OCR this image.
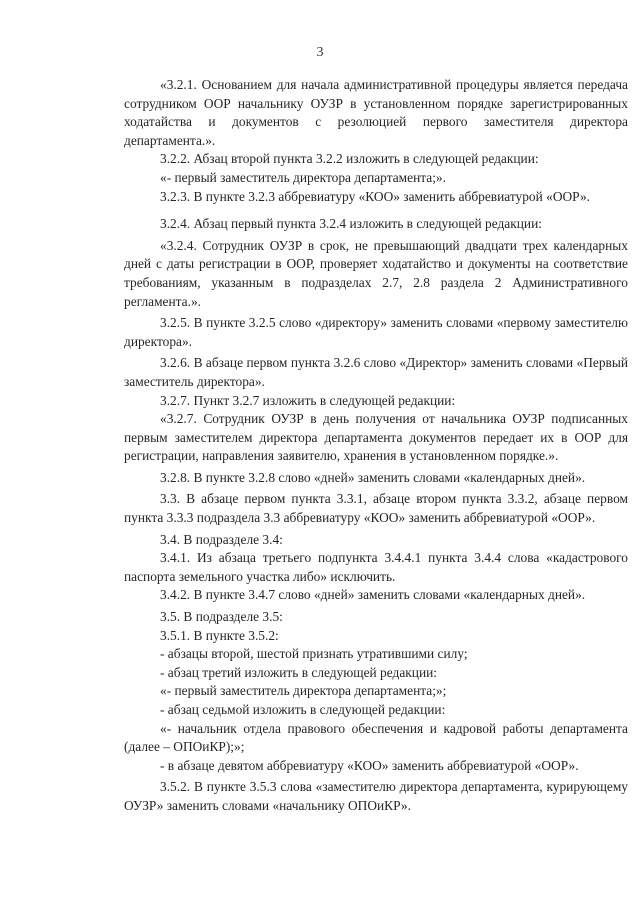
3

«3.2.1. Основанием для начала административной процедуры является передача сотрудником ООР начальнику ОУЗР в установленном порядке зарегистрированных ходатайства и документов с резолюцией первого заместителя директора департамента.».

3.2.2. Абзац второй пункта 3.2.2 изложить в следующей редакции:

«- первый заместитель директора департамента;».

3.2.3. В пункте 3.2.3 аббревиатуру «КОО» заменить аббревиатурой «ООР».

3.2.4. Абзац первый пункта 3.2.4 изложить в следующей редакции:

«3.2.4. Сотрудник ОУЗР в срок, не превышающий двадцати трех календарных дней с даты регистрации в ООР, проверяет ходатайство и документы на соответствие требованиям, указанным в подразделах 2.7, 2.8 раздела 2 Административного регламента.».

3.2.5. В пункте 3.2.5 слово «директору» заменить словами «первому заместителю директора».

3.2.6. В абзаце первом пункта 3.2.6 слово «Директор» заменить словами «Первый заместитель директора».

3.2.7. Пункт 3.2.7 изложить в следующей редакции:

«3.2.7. Сотрудник ОУЗР в день получения от начальника ОУЗР подписанных первым заместителем директора департамента документов передает их в ООР для регистрации, направления заявителю, хранения в установленном порядке.».

3.2.8. В пункте 3.2.8 слово «дней» заменить словами «календарных дней».

3.3. В абзаце первом пункта 3.3.1, абзаце втором пункта 3.3.2, абзаце первом пункта 3.3.3 подраздела 3.3 аббревиатуру «КОО» заменить аббревиатурой «ООР».

3.4. В подразделе 3.4:

3.4.1. Из абзаца третьего подпункта 3.4.4.1 пункта 3.4.4 слова «кадастрового паспорта земельного участка либо» исключить.

3.4.2. В пункте 3.4.7 слово «дней» заменить словами «календарных дней».

3.5. В подразделе 3.5:

3.5.1. В пункте 3.5.2:

- абзацы второй, шестой признать утратившими силу;

- абзац третий изложить в следующей редакции:

«- первый заместитель директора департамента;»;

- абзац седьмой изложить в следующей редакции:

«- начальник отдела правового обеспечения и кадровой работы департамента (далее – ОПОиКР);»;

- в абзаце девятом аббревиатуру «КОО» заменить аббревиатурой «ООР».

3.5.2. В пункте 3.5.3 слова «заместителю директора департамента, курирующему ОУЗР» заменить словами «начальнику ОПОиКР».
